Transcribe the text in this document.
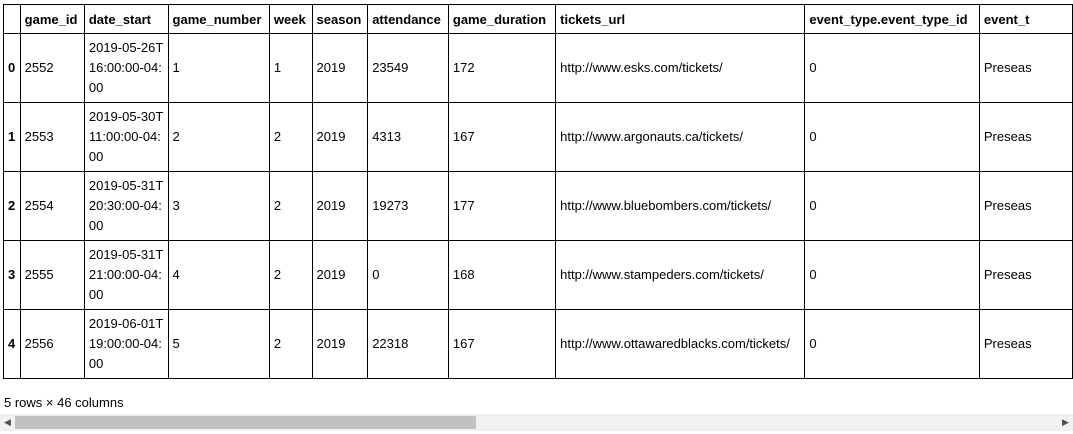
	game_id	date_start	game_number	week	season	attendance	game_duration	tickets_url	event_type.event_type_id	event_t
0	2552	2019-05-26T16:00:00-04:00	1	1	2019	23549	172	http://www.esks.com/tickets/	0	Preseas
1	2553	2019-05-30T11:00:00-04:00	2	2	2019	4313	167	http://www.argonauts.ca/tickets/	0	Preseas
2	2554	2019-05-31T20:30:00-04:00	3	2	2019	19273	177	http://www.bluebombers.com/tickets/	0	Preseas
3	2555	2019-05-31T21:00:00-04:00	4	2	2019	0	168	http://www.stampeders.com/tickets/	0	Preseas
4	2556	2019-06-01T19:00:00-04:00	5	2	2019	22318	167	http://www.ottawaredblacks.com/tickets/	0	Preseas
5 rows × 46 columns
◀	▶
